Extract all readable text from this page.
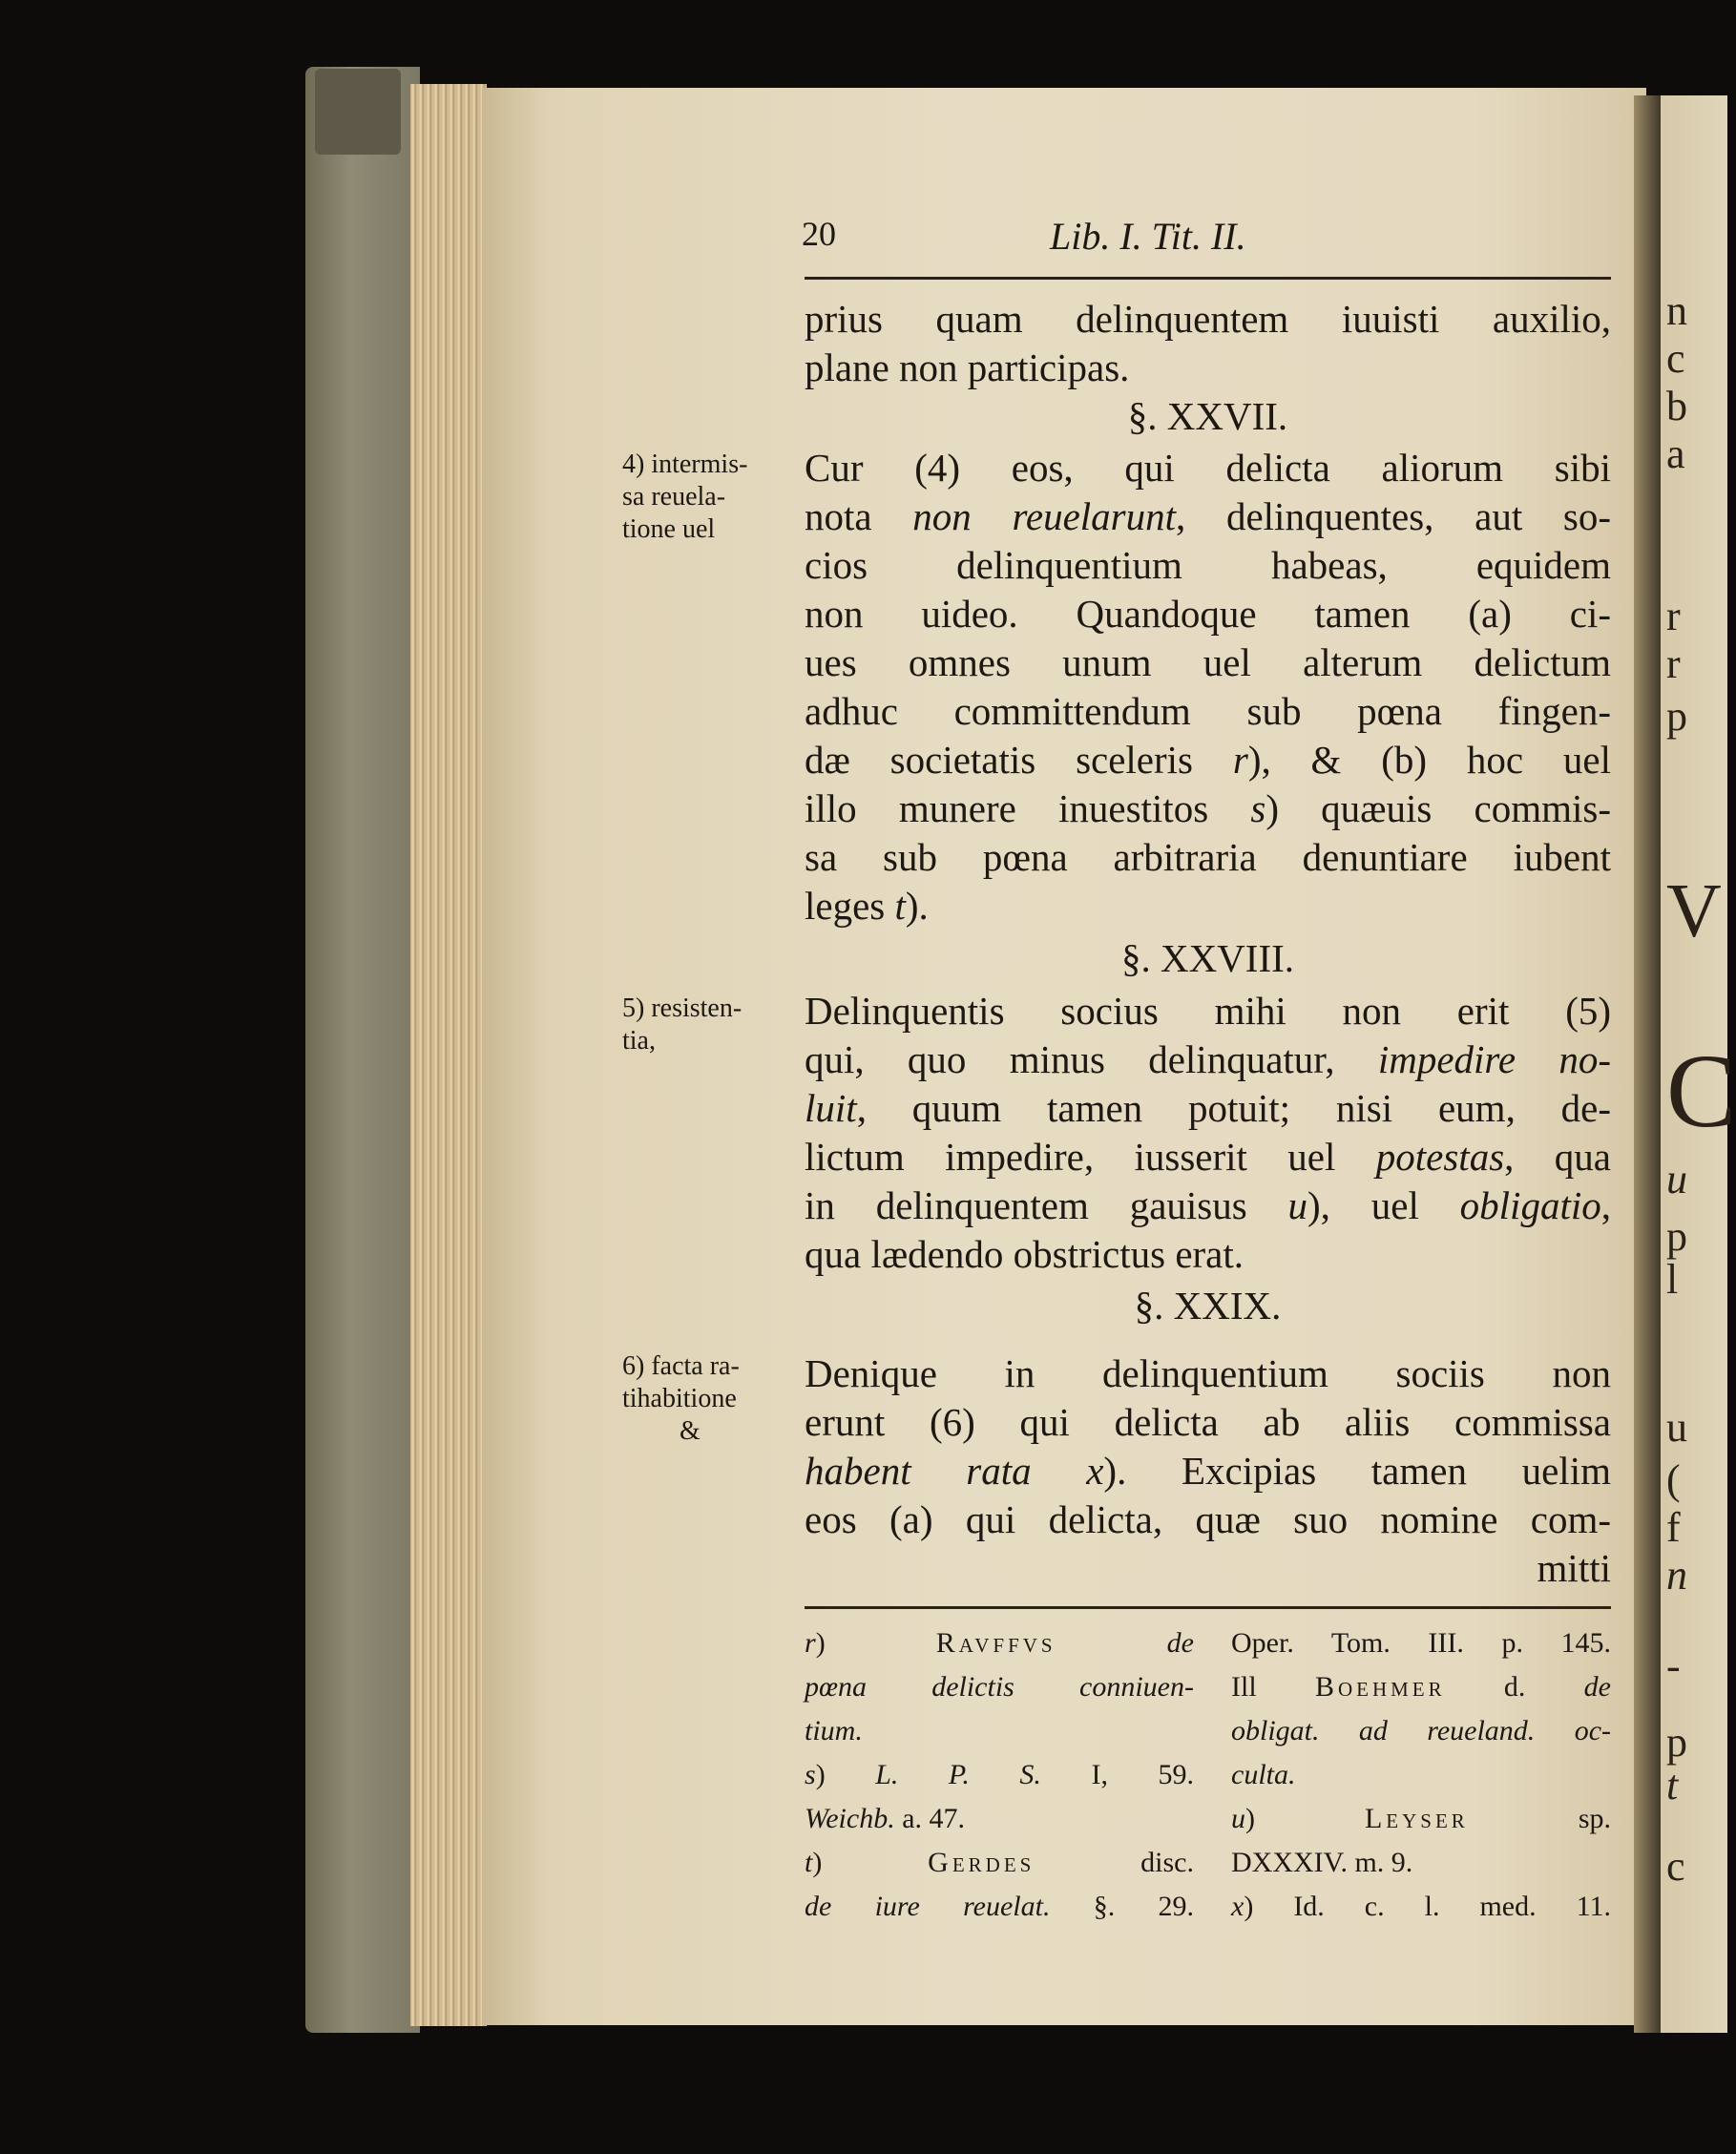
n
c
b
a
r
r
p
V
C
u
p
l
u
(
f
n
-
p
t
c
20	Lib. I. Tit. II.
prius quam delinquentem iuuisti auxilio,
plane non participas.
§. XXVII.
Cur (4) eos, qui delicta aliorum sibi
nota non reuelarunt, delinquentes, aut so-
cios delinquentium habeas, equidem
non uideo. Quandoque tamen (a) ci-
ues omnes unum uel alterum delictum
adhuc committendum sub pœna fingen-
dæ societatis sceleris r), & (b) hoc uel
illo munere inuestitos s) quæuis commis-
sa sub pœna arbitraria denuntiare iubent
leges t).
§. XXVIII.
Delinquentis socius mihi non erit (5)
qui, quo minus delinquatur, impedire no-
luit, quum tamen potuit; nisi eum, de-
lictum impedire, iusserit uel potestas, qua
in delinquentem gauisus u), uel obligatio,
qua lædendo obstrictus erat.
§. XXIX.
Denique in delinquentium sociis non
erunt (6) qui delicta ab aliis commissa
habent rata x). Excipias tamen uelim
eos (a) qui delicta, quæ suo nomine com-
mitti
4) intermis-
sa reuela-
tione uel
5) resisten-
tia,
6) facta ra-
tihabitione
&
r) Ravffvs	de
pœna delictis conniuen-
tium.
s) L. P. S. I, 59.
Weichb. a. 47.
t) Gerdes disc.
de iure reuelat. §. 29.
Oper. Tom. III. p. 145.
Ill Boehmer d. de
obligat. ad reueland. oc-
culta.
u) Leyser sp.
DXXXIV. m. 9.
x) Id. c. l. med. 11.
